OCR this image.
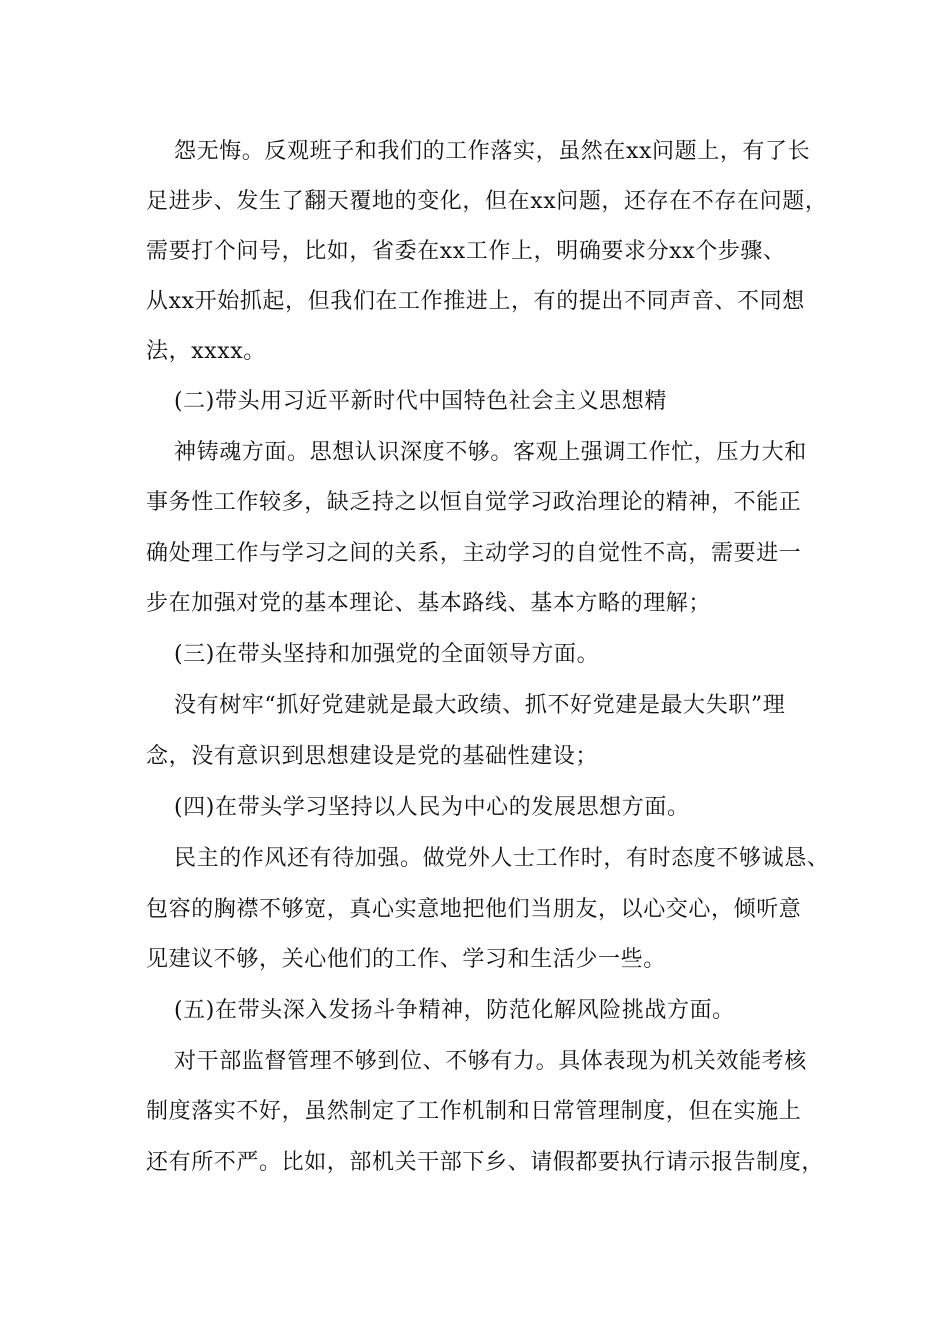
怨无悔。反观班子和我们的工作落实，虽然在xx问题上，有了长
足进步、发生了翻天覆地的变化，但在xx问题，还存在不存在问题，
需要打个问号，比如，省委在xx工作上，明确要求分xx个步骤、
从xx开始抓起，但我们在工作推进上，有的提出不同声音、不同想
法，xxxx。
(二)带头用习近平新时代中国特色社会主义思想精
神铸魂方面。思想认识深度不够。客观上强调工作忙，压力大和
事务性工作较多，缺乏持之以恒自觉学习政治理论的精神，不能正
确处理工作与学习之间的关系，主动学习的自觉性不高，需要进一
步在加强对党的基本理论、基本路线、基本方略的理解；
(三)在带头坚持和加强党的全面领导方面。
没有树牢“抓好党建就是最大政绩、抓不好党建是最大失职”理
念，没有意识到思想建设是党的基础性建设；
(四)在带头学习坚持以人民为中心的发展思想方面。
民主的作风还有待加强。做党外人士工作时，有时态度不够诚恳、
包容的胸襟不够宽，真心实意地把他们当朋友，以心交心，倾听意
见建议不够，关心他们的工作、学习和生活少一些。
(五)在带头深入发扬斗争精神，防范化解风险挑战方面。
对干部监督管理不够到位、不够有力。具体表现为机关效能考核
制度落实不好，虽然制定了工作机制和日常管理制度，但在实施上
还有所不严。比如，部机关干部下乡、请假都要执行请示报告制度，
